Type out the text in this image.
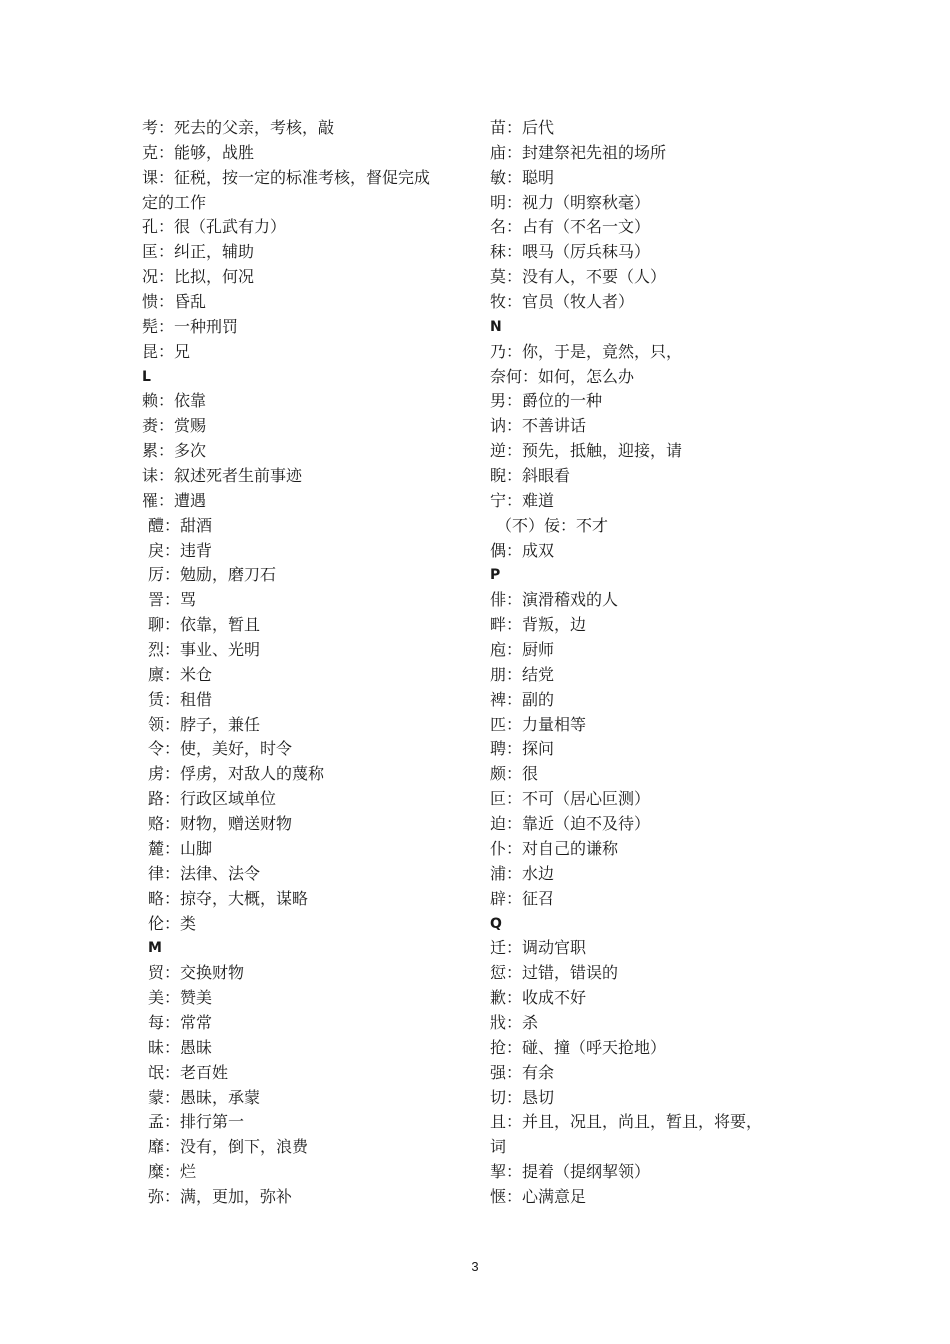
考：死去的父亲，考核，敲
克：能够，战胜
课：征税，按一定的标准考核，督促完成
定的工作
孔：很（孔武有力）
匡：纠正，辅助
况：比拟，何况
愦：昏乱
髡：一种刑罚
昆：兄
L
赖：依靠
赉：赏赐
累：多次
诔：叙述死者生前事迹
罹：遭遇
醴：甜酒
戾：违背
厉：勉励，磨刀石
詈：骂
聊：依靠，暂且
烈：事业、光明
廪：米仓
赁：租借
领：脖子，兼任
令：使，美好，时令
虏：俘虏，对敌人的蔑称
路：行政区域单位
赂：财物，赠送财物
麓：山脚
律：法律、法令
略：掠夺，大概，谋略
伦：类
M
贸：交换财物
美：赞美
每：常常
昧：愚昧
氓：老百姓
蒙：愚昧，承蒙
孟：排行第一
靡：没有，倒下，浪费
糜：烂
弥：满，更加，弥补
苗：后代
庙：封建祭祀先祖的场所
敏：聪明
明：视力（明察秋毫）
名：占有（不名一文）
秣：喂马（厉兵秣马）
莫：没有人，不要（人）
牧：官员（牧人者）
N
乃：你，于是，竟然，只，
奈何：如何，怎么办
男：爵位的一种
讷：不善讲话
逆：预先，抵触，迎接，请
睨：斜眼看
宁：难道
（不）佞：不才
偶：成双
P
俳：演滑稽戏的人
畔：背叛，边
庖：厨师
朋：结党
裨：副的
匹：力量相等
聘：探问
颇：很
叵：不可（居心叵测）
迫：靠近（迫不及待）
仆：对自己的谦称
浦：水边
辟：征召
Q
迁：调动官职
愆：过错，错误的
歉：收成不好
戕：杀
抢：碰、撞（呼天抢地）
强：有余
切：恳切
且：并且，况且，尚且，暂且，将要，
词
挈：提着（提纲挈领）
惬：心满意足
3
